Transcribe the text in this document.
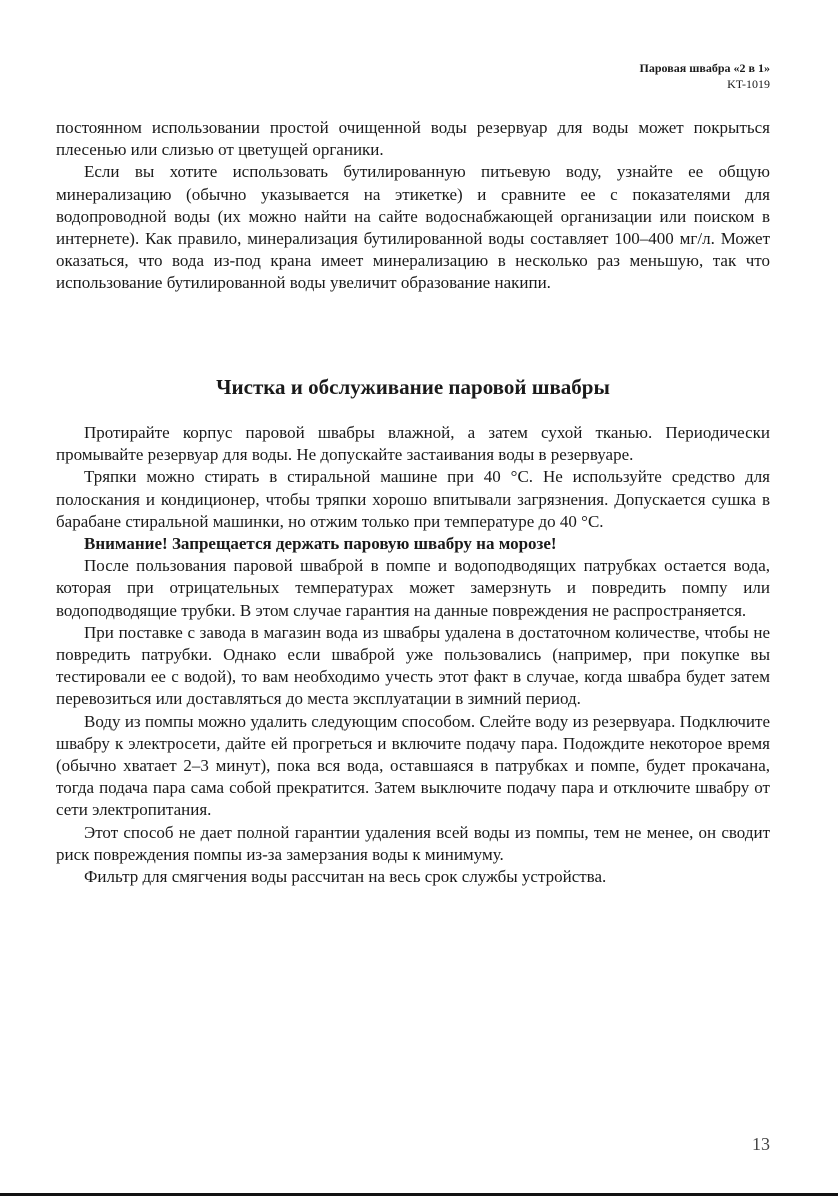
Паровая швабра «2 в 1»
KT-1019

постоянном использовании простой очищенной воды резервуар для воды может покрыться плесенью или слизью от цветущей органики.

Если вы хотите использовать бутилированную питьевую воду, узнайте ее общую минерализацию (обычно указывается на этикетке) и сравните ее с показателями для водопроводной воды (их можно найти на сайте водоснабжающей организации или поиском в интернете). Как правило, минерализация бутилированной воды составляет 100–400 мг/л. Может оказаться, что вода из-под крана имеет минерализацию в несколько раз меньшую, так что использование бутилированной воды увеличит образование накипи.

Чистка и обслуживание паровой швабры

Протирайте корпус паровой швабры влажной, а затем сухой тканью. Периодически промывайте резервуар для воды. Не допускайте застаивания воды в резервуаре.

Тряпки можно стирать в стиральной машине при 40 °C. Не используйте средство для полоскания и кондиционер, чтобы тряпки хорошо впитывали загрязнения. Допускается сушка в барабане стиральной машинки, но отжим только при температуре до 40 °C.

Внимание! Запрещается держать паровую швабру на морозе!

После пользования паровой шваброй в помпе и водоподводящих патрубках остается вода, которая при отрицательных температурах может замерзнуть и повредить помпу или водоподводящие трубки. В этом случае гарантия на данные повреждения не распространяется.

При поставке с завода в магазин вода из швабры удалена в достаточном количестве, чтобы не повредить патрубки. Однако если шваброй уже пользовались (например, при покупке вы тестировали ее с водой), то вам необходимо учесть этот факт в случае, когда швабра будет затем перевозиться или доставляться до места эксплуатации в зимний период.

Воду из помпы можно удалить следующим способом. Слейте воду из резервуара. Подключите швабру к электросети, дайте ей прогреться и включите подачу пара. Подождите некоторое время (обычно хватает 2–3 минут), пока вся вода, оставшаяся в патрубках и помпе, будет прокачана, тогда подача пара сама собой прекратится. Затем выключите подачу пара и отключите швабру от сети электропитания.

Этот способ не дает полной гарантии удаления всей воды из помпы, тем не менее, он сводит риск повреждения помпы из-за замерзания воды к минимуму.

Фильтр для смягчения воды рассчитан на весь срок службы устройства.

13
